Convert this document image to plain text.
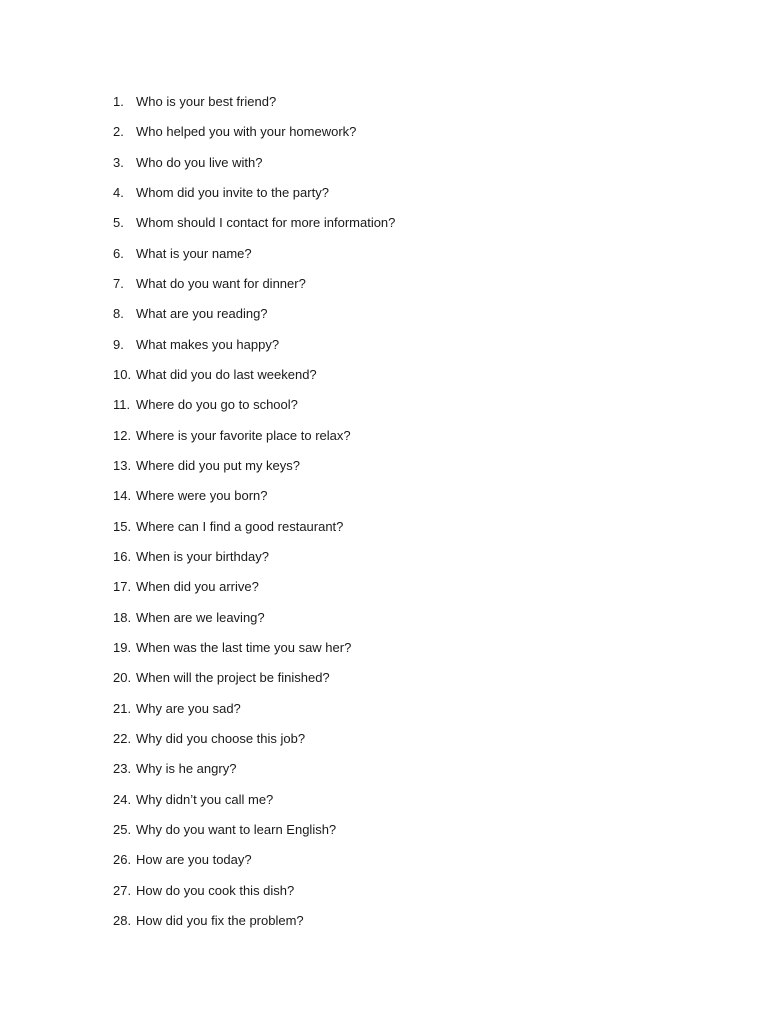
1. Who is your best friend?
2. Who helped you with your homework?
3. Who do you live with?
4. Whom did you invite to the party?
5. Whom should I contact for more information?
6. What is your name?
7. What do you want for dinner?
8. What are you reading?
9. What makes you happy?
10. What did you do last weekend?
11. Where do you go to school?
12. Where is your favorite place to relax?
13. Where did you put my keys?
14. Where were you born?
15. Where can I find a good restaurant?
16. When is your birthday?
17. When did you arrive?
18. When are we leaving?
19. When was the last time you saw her?
20. When will the project be finished?
21. Why are you sad?
22. Why did you choose this job?
23. Why is he angry?
24. Why didn’t you call me?
25. Why do you want to learn English?
26. How are you today?
27. How do you cook this dish?
28. How did you fix the problem?
